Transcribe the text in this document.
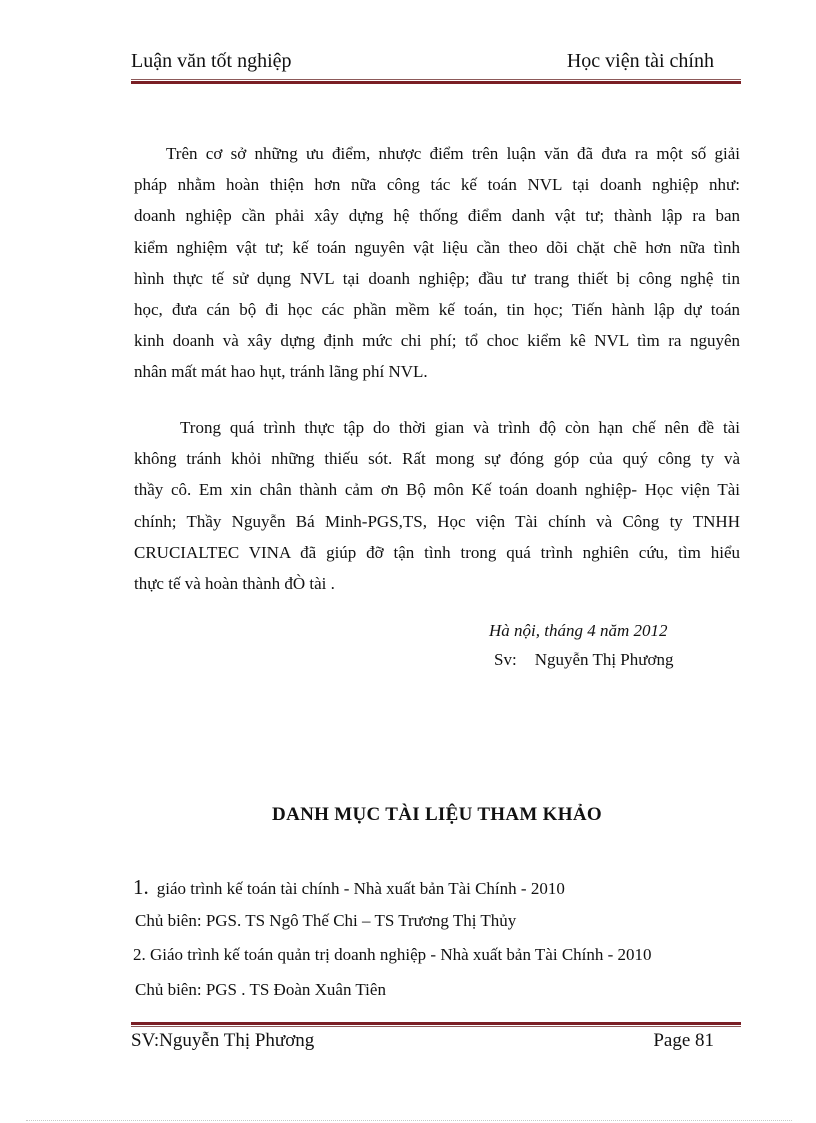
Luận văn tốt nghiệp	Học viện tài chính
Trên cơ sở những ưu điểm, nhược điểm trên luận văn đã đưa ra một số giải
pháp nhằm hoàn thiện hơn nữa công tác kế toán NVL tại doanh nghiệp như:
doanh nghiệp cần phải xây dựng hệ thống điểm danh vật tư; thành lập ra ban
kiểm nghiệm vật tư; kế toán nguyên vật liệu cần theo dõi chặt chẽ hơn nữa tình
hình thực tế sử dụng NVL tại doanh nghiệp; đầu tư trang thiết bị công nghệ tin
học, đưa cán bộ đi học các phần mềm kế toán, tin học; Tiến hành lập dự toán
kinh doanh và xây dựng định mức chi phí; tổ choc kiểm kê NVL tìm ra nguyên
nhân mất mát hao hụt, tránh lãng phí NVL.
Trong quá trình thực tập do thời gian và trình độ còn hạn chế nên đề tài
không tránh khỏi những thiếu sót. Rất mong sự đóng góp của quý công ty và
thầy cô. Em xin chân thành cảm ơn Bộ môn Kế toán doanh nghiệp- Học viện Tài
chính; Thầy Nguyễn Bá Minh-PGS,TS, Học viện Tài chính và Công ty TNHH
CRUCIALTEC VINA đã giúp đỡ tận tình trong quá trình nghiên cứu, tìm hiểu
thực tế và hoàn thành đÒ tài .
Hà nội, tháng 4 năm 2012
Sv: Nguyễn Thị Phương
DANH MỤC TÀI LIỆU THAM KHẢO
1. giáo trình kế toán tài chính - Nhà xuất bản Tài Chính - 2010
Chủ biên: PGS. TS Ngô Thế Chi – TS Trương Thị Thủy
2. Giáo trình kế toán quản trị doanh nghiệp - Nhà xuất bản Tài Chính - 2010
Chủ biên: PGS . TS Đoàn Xuân Tiên
SV:Nguyễn Thị Phương	Page 81
